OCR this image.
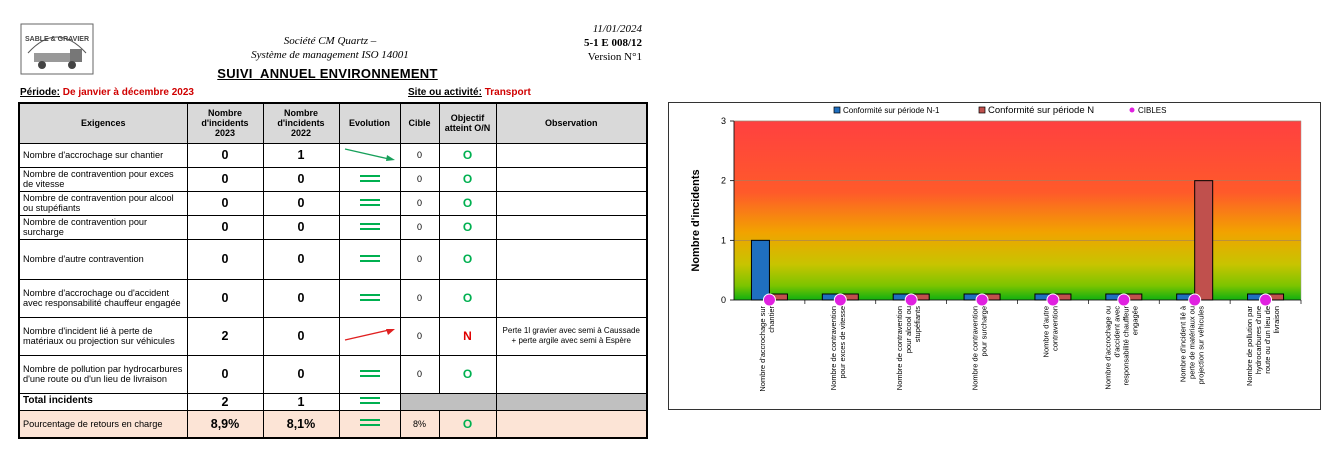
SABLE & GRAVIER	Société CM Quartz –
Système de management ISO 14001
11/01/2024
5-1 E 008/12
Version N°1
SUIVI  ANNUEL ENVIRONNEMENT
Période: De janvier à décembre 2023	Site ou activité: Transport
Exigences	Nombre
d'incidents
2023	Nombre
d'incidents
2022	Evolution	Cible	Objectif
atteint O/N	Observation
Nombre d'accrochage sur chantier	0	1		0	O	
Nombre de contravention pour exces de vitesse	0	0		0	O	
Nombre de contravention pour alcool ou stupéfiants	0	0		0	O	
Nombre de contravention pour surcharge	0	0		0	O	
Nombre d'autre contravention	0	0		0	O	
Nombre d'accrochage ou d'accident avec responsabilité chauffeur engagée	0	0		0	O	
Nombre d'incident lié à perte de matériaux ou projection sur véhicules	2	0		0	N	Perte 1l gravier avec semi à Caussade + perte argile avec semi à Espère
Nombre de pollution par hydrocarbures d'une route ou d'un lieu de livraison	0	0		0	O	
Total incidents	2	1				
Pourcentage de retours en charge	8,9%	8,1%		8%	O	
0
1
2
3
Nombre d'incidents
Nombre d'accrochage surchantier	Nombre de contraventionpour exces de vitesse	Nombre de contraventionpour alcool oustupéfiants	Nombre de contraventionpour surcharge	Nombre d'autrecontravention	Nombre d'accrochage oud'accident avecresponsabilité chauffeurengagée	Nombre d'incident lié àperte de matériaux ouprojection sur véhicules	Nombre de pollution parhydrocarbures d'uneroute ou d'un lieu delivraison
Conformité sur période N-1	Conformité sur période N	CIBLES
